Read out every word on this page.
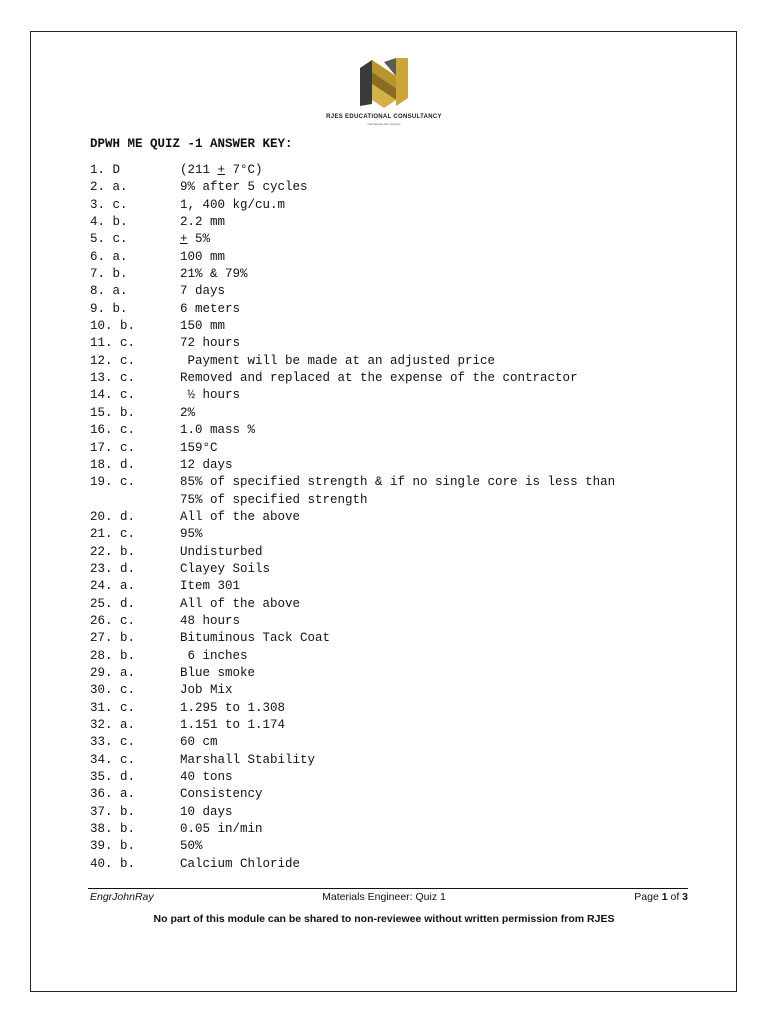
RJES EDUCATIONAL CONSULTANCY
Our Review Our Journey
DPWH ME QUIZ -1 ANSWER KEY:
1. D	(211 + 7°C)
2. a.	9% after 5 cycles
3. c.	1, 400 kg/cu.m
4. b.	2.2 mm
5. c.	+ 5%
6. a.	100 mm
7. b.	21% & 79%
8. a.	7 days
9. b.	6 meters
10. b.	150 mm
11. c.	72 hours
12. c.	Payment will be made at an adjusted price
13. c.	Removed and replaced at the expense of the contractor
14. c.	½ hours
15. b.	2%
16. c.	1.0 mass %
17. c.	159°C
18. d.	12 days
19. c.	85% of specified strength & if no single core is less than
75% of specified strength
20. d.	All of the above
21. c.	95%
22. b.	Undisturbed
23. d.	Clayey Soils
24. a.	Item 301
25. d.	All of the above
26. c.	48 hours
27. b.	Bituminous Tack Coat
28. b.	6 inches
29. a.	Blue smoke
30. c.	Job Mix
31. c.	1.295 to 1.308
32. a.	1.151 to 1.174
33. c.	60 cm
34. c.	Marshall Stability
35. d.	40 tons
36. a.	Consistency
37. b.	10 days
38. b.	0.05 in/min
39. b.	50%
40. b.	Calcium Chloride
EngrJohnRay	Materials Engineer: Quiz 1	Page 1 of 3
No part of this module can be shared to non-reviewee without written permission from RJES
